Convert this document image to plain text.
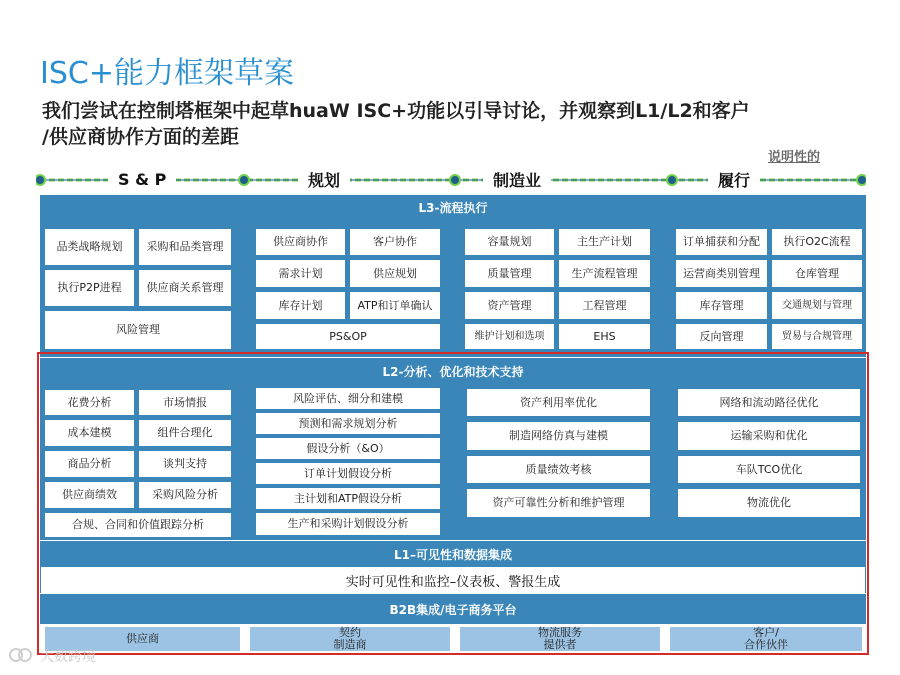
ISC+能力框架草案
我们尝试在控制塔框架中起草huaW ISC+功能以引导讨论，并观察到L1/L2和客户
/供应商协作方面的差距
说明性的
S & P	规划	制造业	履行
L3-流程执行
品类战略规划	采购和品类管理
执行P2P进程	供应商关系管理
风险管理
供应商协作	客户协作
需求计划	供应规划
库存计划	ATP和订单确认
PS&OP
容量规划	主生产计划
质量管理	生产流程管理
资产管理	工程管理
维护计划和选项	EHS
订单捕获和分配	执行O2C流程
运营商类别管理	仓库管理
库存管理	交通规划与管理
反向管理	贸易与合规管理
L2-分析、优化和技术支持
花费分析	市场情报
成本建模	组件合理化
商品分析	谈判支持
供应商绩效	采购风险分析
合规、合同和价值跟踪分析
风险评估、细分和建模
预测和需求规划分析
假设分析（&O）
订单计划假设分析
主计划和ATP假设分析
生产和采购计划假设分析
资产利用率优化
制造网络仿真与建模
质量绩效考核
资产可靠性分析和维护管理
网络和流动路径优化
运输采购和优化
车队TCO优化
物流优化
L1–可见性和数据集成
实时可见性和监控–仪表板、警报生成
B2B集成/电子商务平台
供应商	契约
制造商
物流服务
提供者
客户/
合作伙伴
大数跨境
